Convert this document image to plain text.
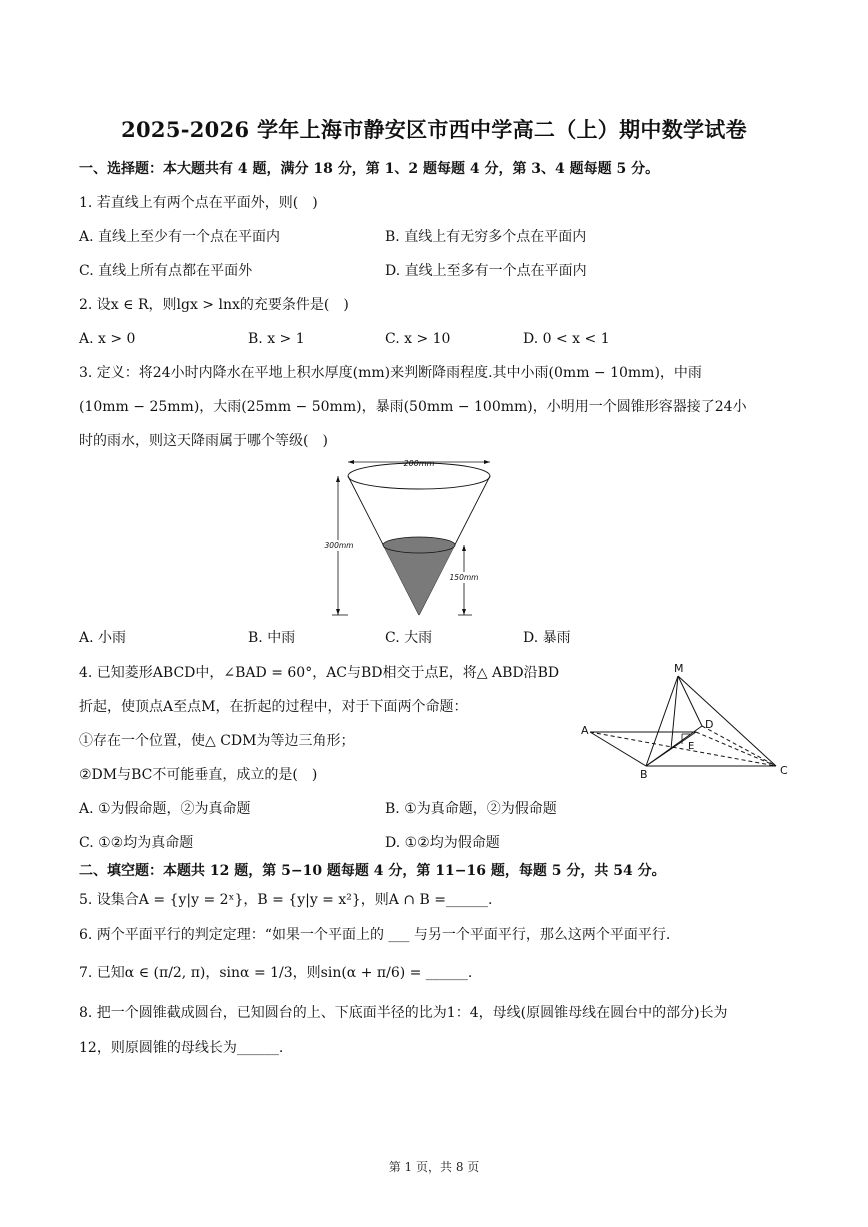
2025-2026 学年上海市静安区市西中学高二（上）期中数学试卷
一、选择题：本大题共有 4 题，满分 18 分，第 1、2 题每题 4 分，第 3、4 题每题 5 分。
1. 若直线上有两个点在平面外，则(　)
A. 直线上至少有一个点在平面内	B. 直线上有无穷多个点在平面内
C. 直线上所有点都在平面外	D. 直线上至多有一个点在平面内
2. 设x ∈ R，则lgx > lnx的充要条件是(　)
A. x > 0	B. x > 1	C. x > 10	D. 0 < x < 1
3. 定义：将24小时内降水在平地上积水厚度(mm)来判断降雨程度.其中小雨(0mm − 10mm)，中雨
(10mm − 25mm)，大雨(25mm − 50mm)，暴雨(50mm − 100mm)，小明用一个圆锥形容器接了24小
时的雨水，则这天降雨属于哪个等级(　)
200mm
300mm
150mm
A. 小雨	B. 中雨	C. 大雨	D. 暴雨
4. 已知菱形ABCD中，∠BAD = 60°，AC与BD相交于点E，将△ ABD沿BD
折起，使顶点A至点M，在折起的过程中，对于下面两个命题：
①存在一个位置，使△ CDM为等边三角形；
②DM与BC不可能垂直，成立的是(　)
M
A	D
E
B	C
A. ①为假命题，②为真命题	B. ①为真命题，②为假命题
C. ①②均为真命题	D. ①②均为假命题
二、填空题：本题共 12 题，第 5−10 题每题 4 分，第 11−16 题，每题 5 分，共 54 分。
5. 设集合A = {y|y = 2ˣ}，B = {y|y = x²}，则A ∩ B =______.
6. 两个平面平行的判定定理：“如果一个平面上的 ___ 与另一个平面平行，那么这两个平面平行.
7. 已知α ∈ (π/2, π)，sinα = 1/3，则sin(α + π/6) = ______.
8. 把一个圆锥截成圆台，已知圆台的上、下底面半径的比为1：4，母线(原圆锥母线在圆台中的部分)长为
12，则原圆锥的母线长为______.
第 1 页，共 8 页
